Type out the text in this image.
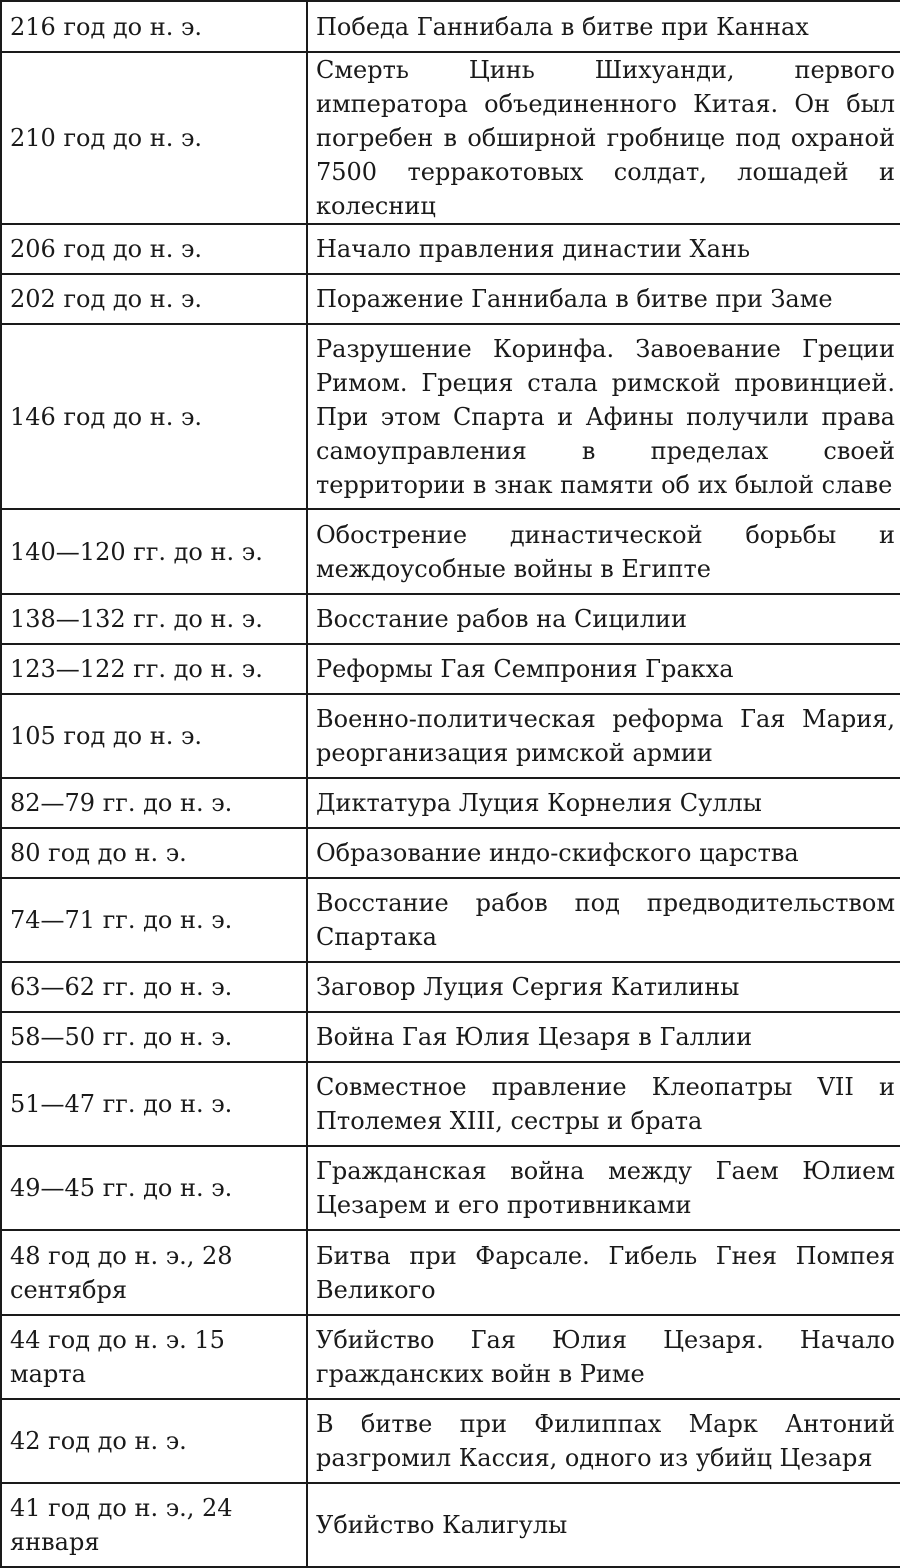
216 год до н. э.	Победа Ганнибала в битве при Каннах

210 год до н. э.	Смерть Цинь Шихуанди, первого императора объединенного Китая. Он был погребен в обширной гробнице под охраной 7500 терракотовых солдат, лошадей и колесниц

206 год до н. э.	Начало правления династии Хань

202 год до н. э.	Поражение Ганнибала в битве при Заме

146 год до н. э.	Разрушение Коринфа. Завоевание Греции Римом. Греция стала римской провинцией. При этом Спарта и Афины получили права самоуправления в пределах своей территории в знак памяти об их былой славе

140—120 гг. до н. э.	Обострение династической борьбы и междоусобные войны в Египте

138—132 гг. до н. э.	Восстание рабов на Сицилии

123—122 гг. до н. э.	Реформы Гая Семпрония Гракха

105 год до н. э.	Военно-политическая реформа Гая Мария, реорганизация римской армии

82—79 гг. до н. э.	Диктатура Луция Корнелия Суллы

80 год до н. э.	Образование индо-скифского царства

74—71 гг. до н. э.	Восстание рабов под предводительством Спартака

63—62 гг. до н. э.	Заговор Луция Сергия Катилины

58—50 гг. до н. э.	Война Гая Юлия Цезаря в Галлии

51—47 гг. до н. э.	Совместное правление Клеопатры VII и Птолемея XIII, сестры и брата

49—45 гг. до н. э.	Гражданская война между Гаем Юлием Цезарем и его противниками

48 год до н. э., 28 сентября	Битва при Фарсале. Гибель Гнея Помпея Великого

44 год до н. э. 15 марта	Убийство Гая Юлия Цезаря. Начало гражданских войн в Риме

42 год до н. э.	В битве при Филиппах Марк Антоний разгромил Кассия, одного из убийц Цезаря

41 год до н. э., 24 января	Убийство Калигулы
